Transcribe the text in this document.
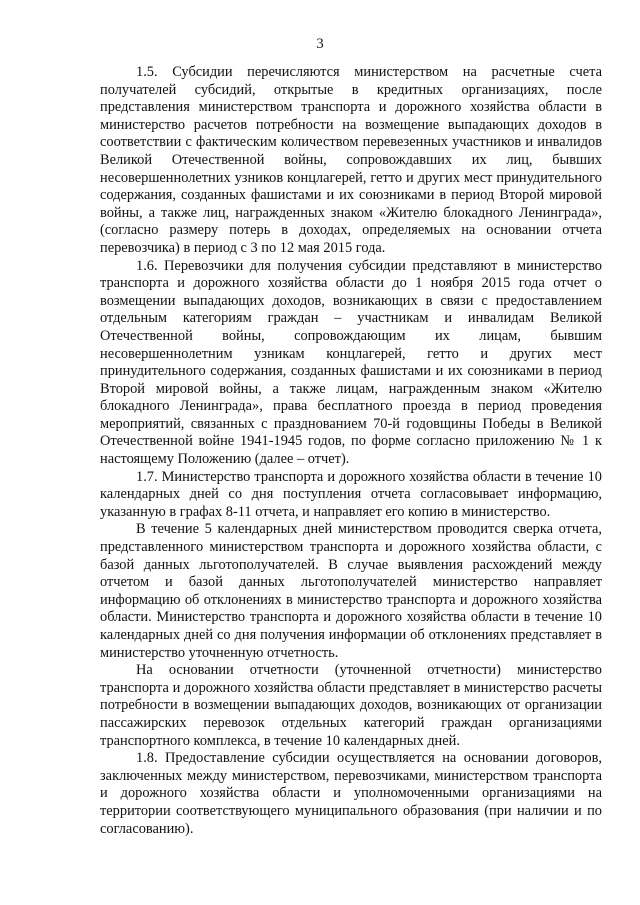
3

1.5. Субсидии перечисляются министерством на расчетные счета получателей субсидий, открытые в кредитных организациях, после представления министерством транспорта и дорожного хозяйства области в министерство расчетов потребности на возмещение выпадающих доходов в соответствии с фактическим количеством перевезенных участников и инвалидов Великой Отечественной войны, сопровождавших их лиц, бывших несовершеннолетних узников концлагерей, гетто и других мест принудительного содержания, созданных фашистами и их союзниками в период Второй мировой войны, а также лиц, награжденных знаком «Жителю блокадного Ленинграда», (согласно размеру потерь в доходах, определяемых на основании отчета перевозчика) в период с 3 по 12 мая 2015 года.

1.6. Перевозчики для получения субсидии представляют в министерство транспорта и дорожного хозяйства области до 1 ноября 2015 года отчет о возмещении выпадающих доходов, возникающих в связи с предоставлением отдельным категориям граждан – участникам и инвалидам Великой Отечественной войны, сопровождающим их лицам, бывшим несовершеннолетним узникам концлагерей, гетто и других мест принудительного содержания, созданных фашистами и их союзниками в период Второй мировой войны, а также лицам, награжденным знаком «Жителю блокадного Ленинграда», права бесплатного проезда в период проведения мероприятий, связанных с празднованием 70-й годовщины Победы в Великой Отечественной войне 1941-1945 годов, по форме согласно приложению № 1 к настоящему Положению (далее – отчет).

1.7. Министерство транспорта и дорожного хозяйства области в течение 10 календарных дней со дня поступления отчета согласовывает информацию, указанную в графах 8-11 отчета, и направляет его копию в министерство.

В течение 5 календарных дней министерством проводится сверка отчета, представленного министерством транспорта и дорожного хозяйства области, с базой данных льготополучателей. В случае выявления расхождений между отчетом и базой данных льготополучателей министерство направляет информацию об отклонениях в министерство транспорта и дорожного хозяйства области. Министерство транспорта и дорожного хозяйства области в течение 10 календарных дней со дня получения информации об отклонениях представляет в министерство уточненную отчетность.

На основании отчетности (уточненной отчетности) министерство транспорта и дорожного хозяйства области представляет в министерство расчеты потребности в возмещении выпадающих доходов, возникающих от организации пассажирских перевозок отдельных категорий граждан организациями транспортного комплекса, в течение 10 календарных дней.

1.8. Предоставление субсидии осуществляется на основании договоров, заключенных между министерством, перевозчиками, министерством транспорта и дорожного хозяйства области и уполномоченными организациями на территории соответствующего муниципального образования (при наличии и по согласованию).
